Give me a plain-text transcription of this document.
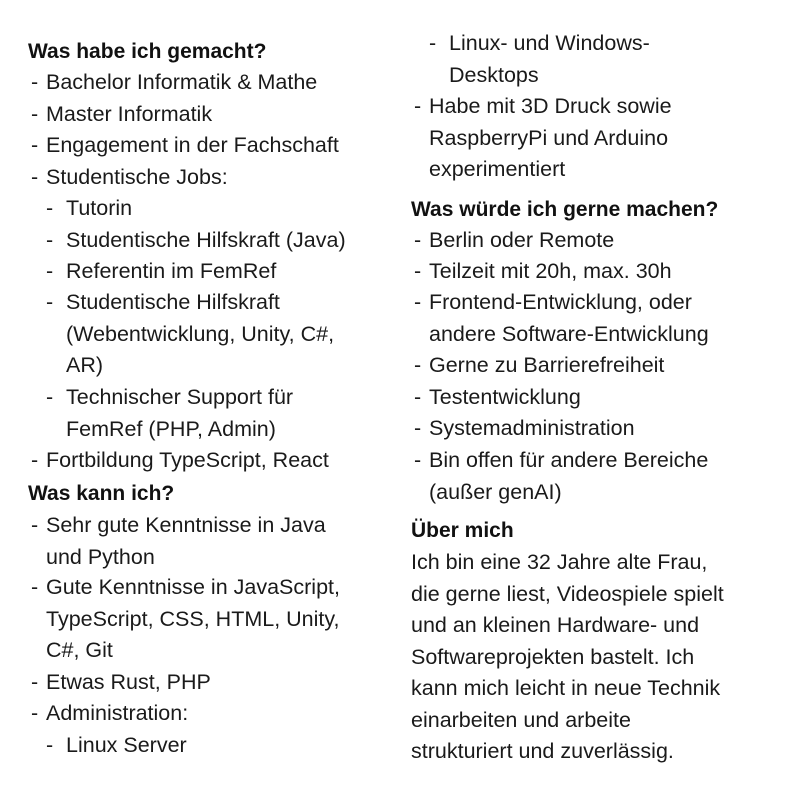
Was habe ich gemacht?
- Bachelor Informatik & Mathe
- Master Informatik
- Engagement in der Fachschaft
- Studentische Jobs:
- Tutorin
- Studentische Hilfskraft (Java)
- Referentin im FemRef
- Studentische Hilfskraft
(Webentwicklung, Unity, C#,
AR)
- Technischer Support für
FemRef (PHP, Admin)
- Fortbildung TypeScript, React
Was kann ich?
- Sehr gute Kenntnisse in Java
und Python
- Gute Kenntnisse in JavaScript,
TypeScript, CSS, HTML, Unity,
C#, Git
- Etwas Rust, PHP
- Administration:
- Linux Server
- Linux- und Windows-
Desktops
- Habe mit 3D Druck sowie
RaspberryPi und Arduino
experimentiert
Was würde ich gerne machen?
- Berlin oder Remote
- Teilzeit mit 20h, max. 30h
- Frontend-Entwicklung, oder
andere Software-Entwicklung
- Gerne zu Barrierefreiheit
- Testentwicklung
- Systemadministration
- Bin offen für andere Bereiche
(außer genAI)
Über mich
Ich bin eine 32 Jahre alte Frau,
die gerne liest, Videospiele spielt
und an kleinen Hardware- und
Softwareprojekten bastelt. Ich
kann mich leicht in neue Technik
einarbeiten und arbeite
strukturiert und zuverlässig.
